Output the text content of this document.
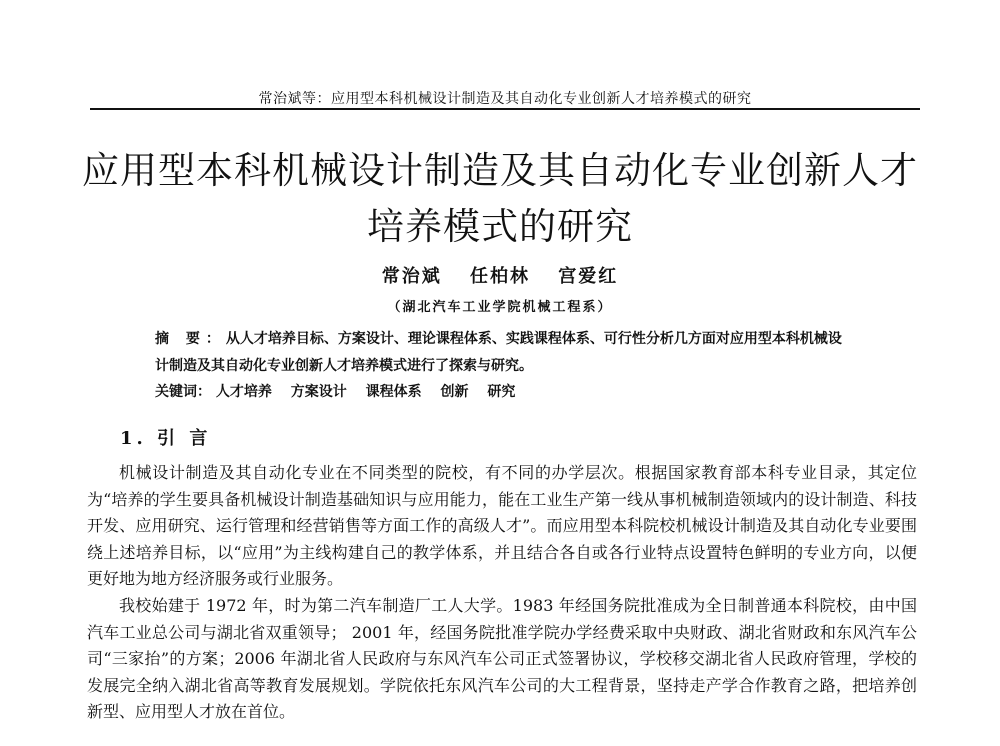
常治斌等：应用型本科机械设计制造及其自动化专业创新人才培养模式的研究
应用型本科机械设计制造及其自动化专业创新人才
培养模式的研究
常治斌 任柏林 宫爱红
（湖北汽车工业学院机械工程系）
摘 要：从人才培养目标、方案设计、理论课程体系、实践课程体系、可行性分析几方面对应用型本科机械设计制造及其自动化专业创新人才培养模式进行了探索与研究。
关键词： 人才培养 方案设计 课程体系 创新 研究
1. 引 言

机械设计制造及其自动化专业在不同类型的院校，有不同的办学层次。根据国家教育部本科专业目录，其定位为“培养的学生要具备机械设计制造基础知识与应用能力，能在工业生产第一线从事机械制造领域内的设计制造、科技开发、应用研究、运行管理和经营销售等方面工作的高级人才”。而应用型本科院校机械设计制造及其自动化专业要围绕上述培养目标，以“应用”为主线构建自己的教学体系，并且结合各自或各行业特点设置特色鲜明的专业方向，以便更好地为地方经济服务或行业服务。

我校始建于 1972 年，时为第二汽车制造厂工人大学。1983 年经国务院批准成为全日制普通本科院校，由中国汽车工业总公司与湖北省双重领导； 2001 年，经国务院批准学院办学经费采取中央财政、湖北省财政和东风汽车公司“三家抬”的方案；2006 年湖北省人民政府与东风汽车公司正式签署协议，学校移交湖北省人民政府管理，学校的发展完全纳入湖北省高等教育发展规划。学院依托东风汽车公司的大工程背景，坚持走产学合作教育之路，把培养创新型、应用型人才放在首位。
